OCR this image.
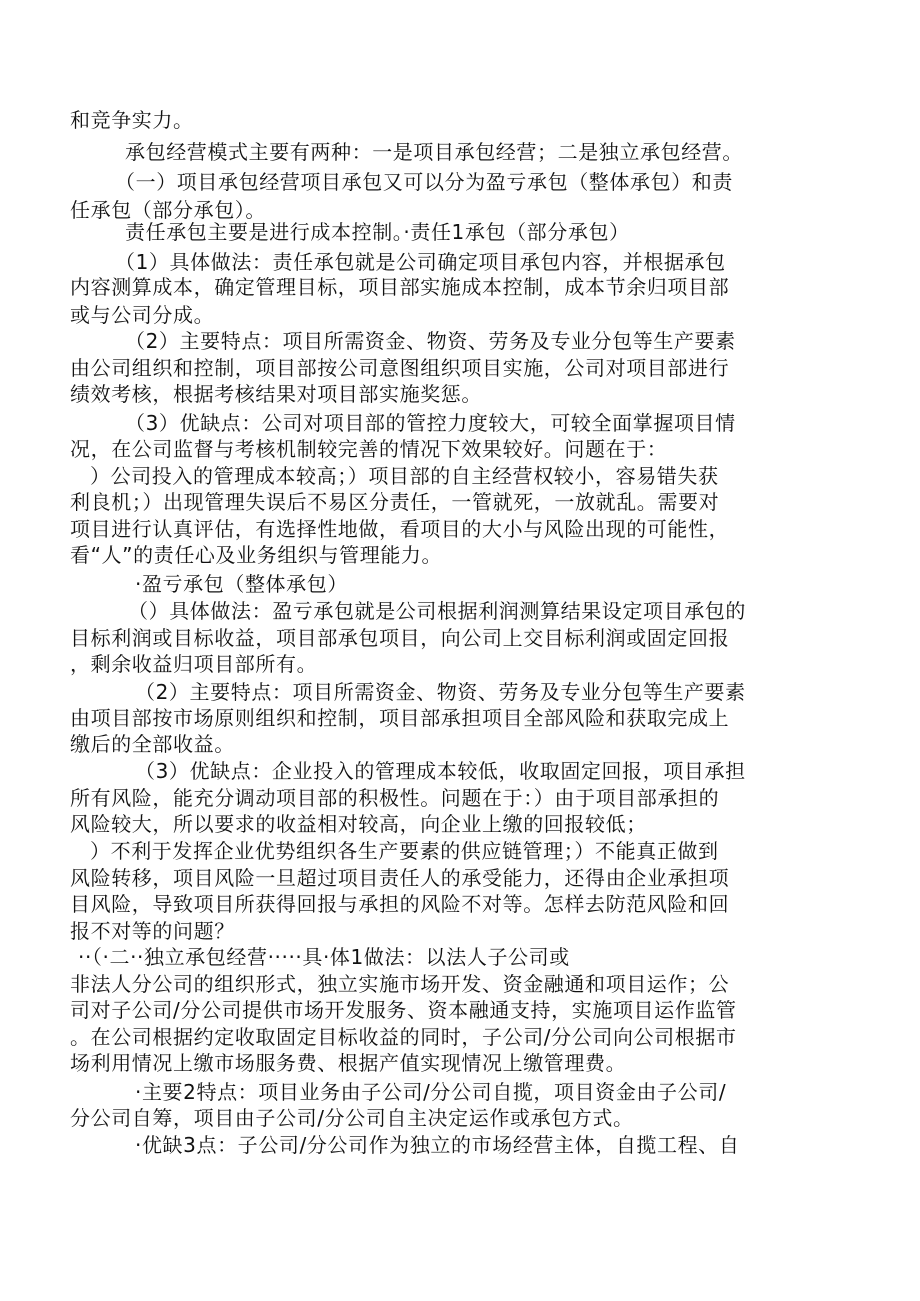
和竞争实力。
承包经营模式主要有两种：一是项目承包经营；二是独立承包经营。
（一）项目承包经营项目承包又可以分为盈亏承包（整体承包）和责
任承包（部分承包）。
责任承包主要是进行成本控制。·责任1承包（部分承包）
（1）具体做法：责任承包就是公司确定项目承包内容，并根据承包
内容测算成本，确定管理目标，项目部实施成本控制，成本节余归项目部
或与公司分成。
（2）主要特点：项目所需资金、物资、劳务及专业分包等生产要素
由公司组织和控制，项目部按公司意图组织项目实施，公司对项目部进行
绩效考核，根据考核结果对项目部实施奖惩。
（3）优缺点：公司对项目部的管控力度较大，可较全面掌握项目情
况，在公司监督与考核机制较完善的情况下效果较好。问题在于：
）公司投入的管理成本较高；）项目部的自主经营权较小，容易错失获
利良机；）出现管理失误后不易区分责任，一管就死，一放就乱。需要对
项目进行认真评估，有选择性地做，看项目的大小与风险出现的可能性，
看“人”的责任心及业务组织与管理能力。
·盈亏承包（整体承包）
（）具体做法：盈亏承包就是公司根据利润测算结果设定项目承包的
目标利润或目标收益，项目部承包项目，向公司上交目标利润或固定回报
，剩余收益归项目部所有。
（2）主要特点：项目所需资金、物资、劳务及专业分包等生产要素
由项目部按市场原则组织和控制，项目部承担项目全部风险和获取完成上
缴后的全部收益。
（3）优缺点：企业投入的管理成本较低，收取固定回报，项目承担
所有风险，能充分调动项目部的积极性。问题在于：）由于项目部承担的
风险较大，所以要求的收益相对较高，向企业上缴的回报较低；
）不利于发挥企业优势组织各生产要素的供应链管理；）不能真正做到
风险转移，项目风险一旦超过项目责任人的承受能力，还得由企业承担项
目风险，导致项目所获得回报与承担的风险不对等。怎样去防范风险和回
报不对等的问题？
··（·二··独立承包经营·····具·体1做法：以法人子公司或
非法人分公司的组织形式，独立实施市场开发、资金融通和项目运作；公
司对子公司/分公司提供市场开发服务、资本融通支持，实施项目运作监管
。在公司根据约定收取固定目标收益的同时，子公司/分公司向公司根据市
场利用情况上缴市场服务费、根据产值实现情况上缴管理费。
·主要2特点：项目业务由子公司/分公司自揽，项目资金由子公司/
分公司自筹，项目由子公司/分公司自主决定运作或承包方式。
·优缺3点：子公司/分公司作为独立的市场经营主体，自揽工程、自
